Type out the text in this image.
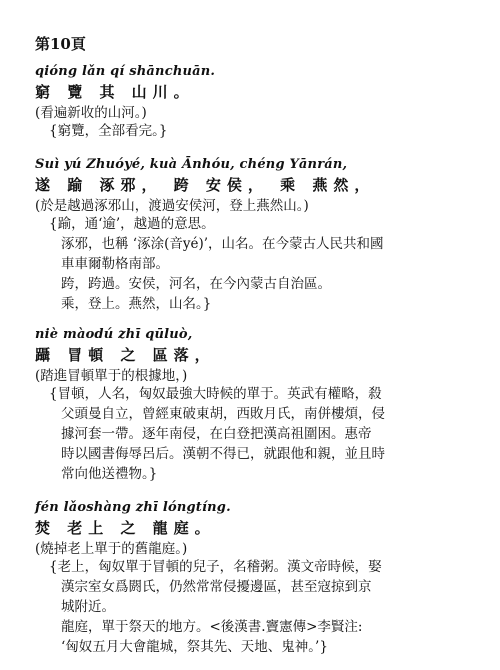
第10頁
qióng lǎn qí shānchuān.
窮 覽 其 山川。
(看遍新收的山河。)
{窮覽，全部看完。}
Suì yú Zhuóyé, kuà Ānhóu, chéng Yānrán,
遂 踰 涿邪， 跨 安侯， 乘 燕然，
(於是越過涿邪山，渡過安侯河，登上燕然山。)
{踰，通‘逾’，越過的意思。
涿邪，也稱 ‘涿涂(音yé)’，山名。在今蒙古人民共和國
車車爾勒格南部。
跨，跨過。安侯，河名，在今內蒙古自治區。
乘，登上。燕然，山名。}
niè màodú zhī qūluò,
躡 冒頓 之 區落，
(踏進冒頓單于的根據地，)
{冒頓，人名，匈奴最強大時候的單于。英武有權略，殺
父頭曼自立，曾經東破東胡，西敗月氏，南併樓煩，侵
據河套一帶。逐年南侵，在白登把漢高祖圍困。惠帝
時以國書侮辱呂后。漢朝不得已，就跟他和親，並且時
常向他送禮物。}
fén lǎoshàng zhī lóngtíng.
焚 老上 之 龍庭。
(燒掉老上單于的舊龍庭。)
{老上，匈奴單于冒頓的兒子，名稽粥。漢文帝時候，娶
漢宗室女爲閼氏，仍然常常侵擾邊區，甚至寇掠到京
城附近。
龍庭，單于祭天的地方。<後漢書.竇憲傳>李賢注:
‘匈奴五月大會龍城，祭其先、天地、鬼神。’}
